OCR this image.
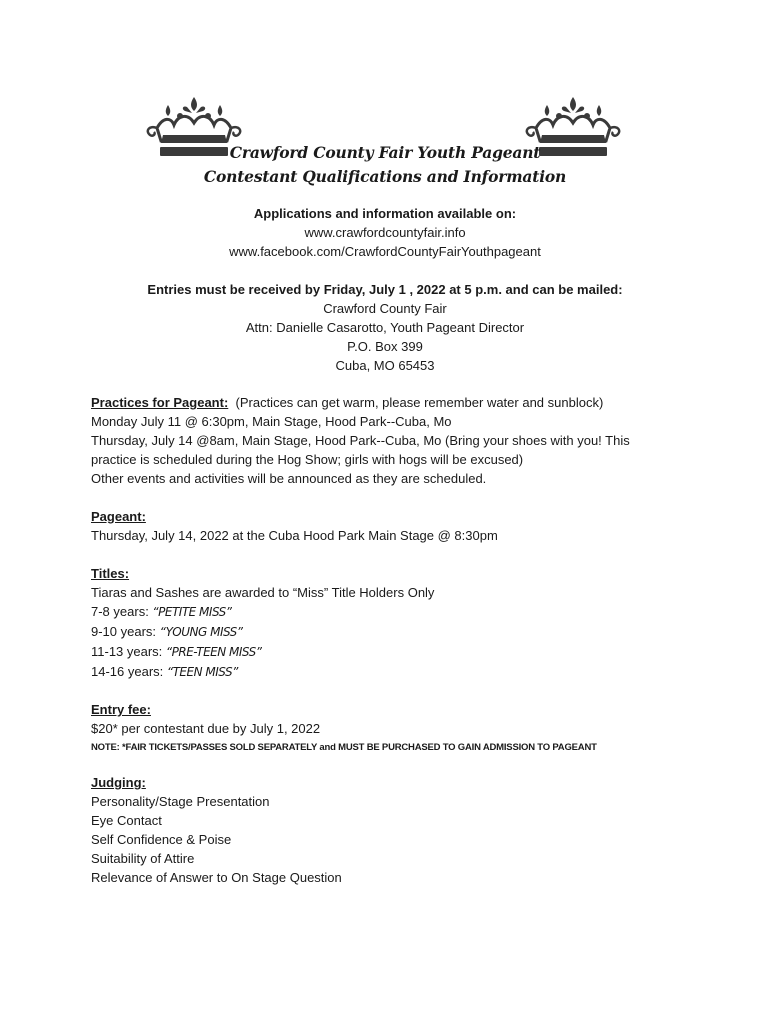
Crawford County Fair Youth Pageant
Contestant Qualifications and Information
Applications and information available on:
www.crawfordcountyfair.info
www.facebook.com/CrawfordCountyFairYouthpageant
Entries must be received by Friday, July 1 , 2022 at 5 p.m. and can be mailed:
Crawford County Fair
Attn: Danielle Casarotto, Youth Pageant Director
P.O. Box 399
Cuba, MO 65453
Practices for Pageant: (Practices can get warm, please remember water and sunblock)
Monday July 11 @ 6:30pm, Main Stage, Hood Park--Cuba, Mo
Thursday, July 14 @8am, Main Stage, Hood Park--Cuba, Mo (Bring your shoes with you! This practice is scheduled during the Hog Show; girls with hogs will be excused)
Other events and activities will be announced as they are scheduled.
Pageant:
Thursday, July 14, 2022 at the Cuba Hood Park Main Stage @ 8:30pm
Titles:
Tiaras and Sashes are awarded to “Miss” Title Holders Only
7-8 years: “PETITE MISS”
9-10 years: “YOUNG MISS”
11-13 years: “PRE-TEEN MISS”
14-16 years: “TEEN MISS”
Entry fee:
$20* per contestant due by July 1, 2022
NOTE: *FAIR TICKETS/PASSES SOLD SEPARATELY and MUST BE PURCHASED TO GAIN ADMISSION TO PAGEANT
Judging:
Personality/Stage Presentation
Eye Contact
Self Confidence & Poise
Suitability of Attire
Relevance of Answer to On Stage Question
